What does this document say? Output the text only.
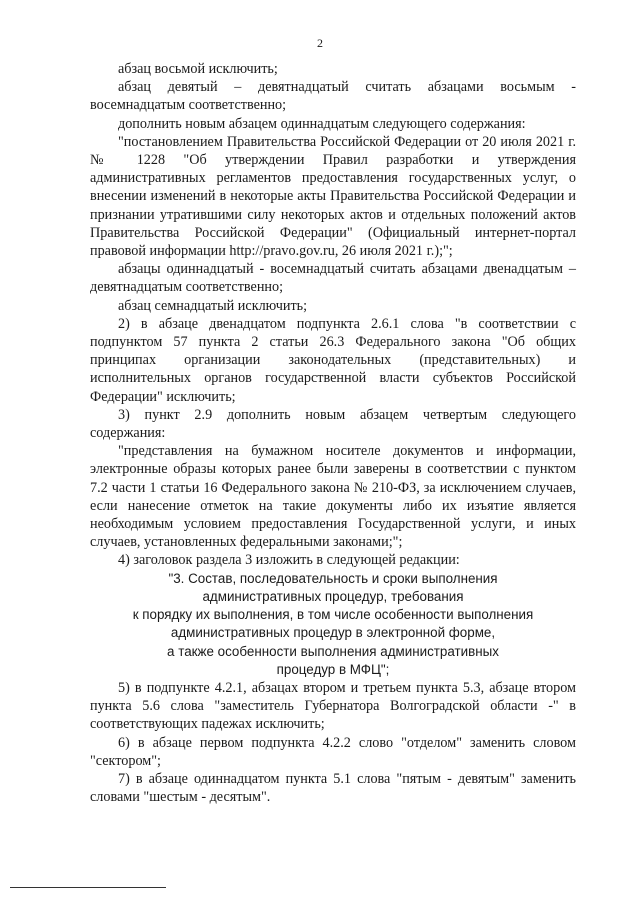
2

абзац восьмой исключить;

абзац девятый – девятнадцатый считать абзацами восьмым - восемнадцатым соответственно;

дополнить новым абзацем одиннадцатым следующего содержания:

"постановлением Правительства Российской Федерации от 20 июля 2021 г. № 1228 "Об утверждении Правил разработки и утверждения административных регламентов предоставления государственных услуг, о внесении изменений в некоторые акты Правительства Российской Федерации и признании утратившими силу некоторых актов и отдельных положений актов Правительства Российской Федерации" (Официальный интернет-портал правовой информации http://pravo.gov.ru, 26 июля 2021 г.);";

абзацы одиннадцатый - восемнадцатый считать абзацами двенадцатым – девятнадцатым соответственно;

абзац семнадцатый исключить;

2) в абзаце двенадцатом подпункта 2.6.1 слова "в соответствии с подпунктом 57 пункта 2 статьи 26.3 Федерального закона "Об общих принципах организации законодательных (представительных) и исполнительных органов государственной власти субъектов Российской Федерации" исключить;

3) пункт 2.9 дополнить новым абзацем четвертым следующего содержания:

"представления на бумажном носителе документов и информации, электронные образы которых ранее были заверены в соответствии с пунктом 7.2 части 1 статьи 16 Федерального закона № 210-ФЗ, за исключением случаев, если нанесение отметок на такие документы либо их изъятие является необходимым условием предоставления Государственной услуги, и иных случаев, установленных федеральными законами;";

4) заголовок раздела 3 изложить в следующей редакции:

"3. Состав, последовательность и сроки выполнения

административных процедур, требования

к порядку их выполнения, в том числе особенности выполнения

административных процедур в электронной форме,

а также особенности выполнения административных

процедур в МФЦ";

5) в подпункте 4.2.1, абзацах втором и третьем пункта 5.3, абзаце втором пункта 5.6 слова "заместитель Губернатора Волгоградской области -" в соответствующих падежах исключить;

6) в абзаце первом подпункта 4.2.2 слово "отделом" заменить словом "сектором";

7) в абзаце одиннадцатом пункта 5.1 слова "пятым - девятым" заменить словами "шестым - десятым".
